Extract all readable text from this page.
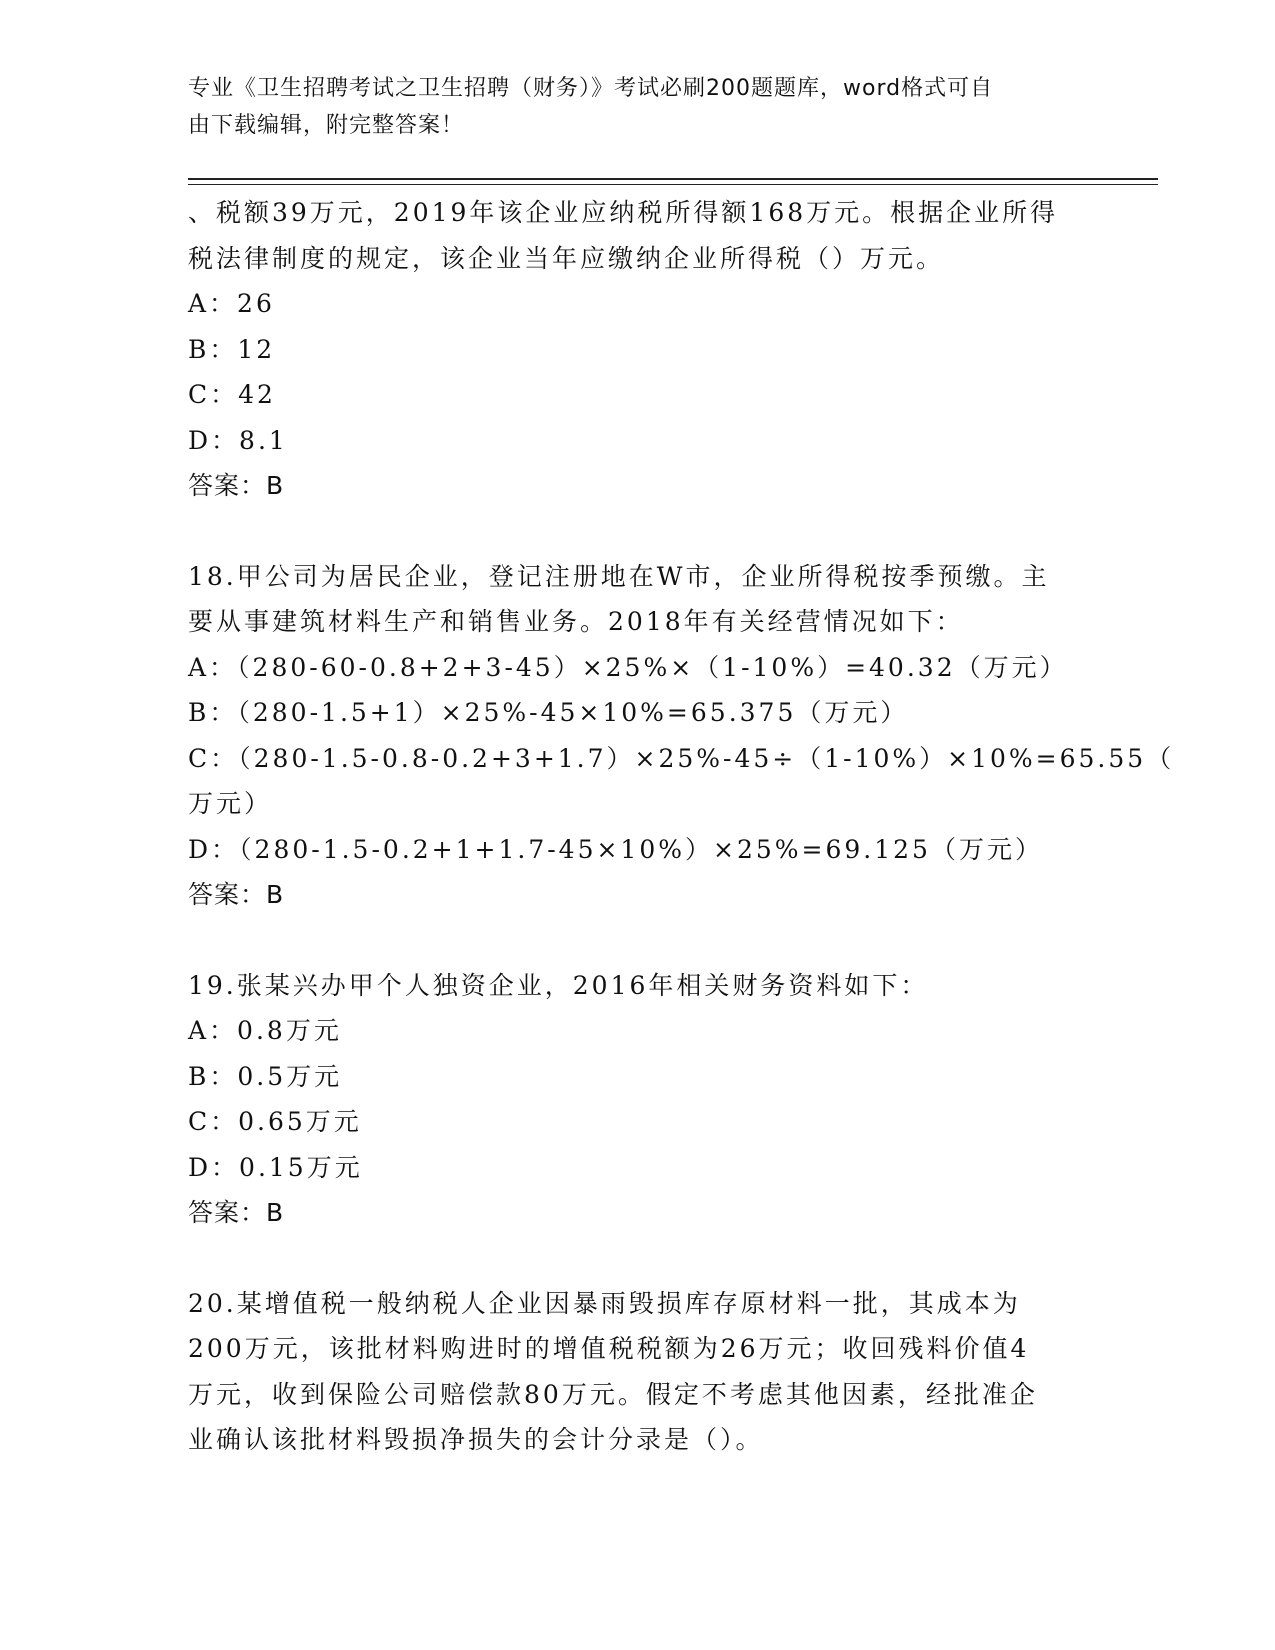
专业《卫生招聘考试之卫生招聘（财务）》考试必刷200题题库，word格式可自
由下载编辑，附完整答案！
、税额39万元，2019年该企业应纳税所得额168万元。根据企业所得
税法律制度的规定，该企业当年应缴纳企业所得税（）万元。
A：26
B：12
C：42
D：8.1
答案：B
18.甲公司为居民企业，登记注册地在W市，企业所得税按季预缴。主
要从事建筑材料生产和销售业务。2018年有关经营情况如下：
A：（280-60-0.8+2+3-45）×25%×（1-10%）=40.32（万元）
B：（280-1.5+1）×25%-45×10%=65.375（万元）
C：（280-1.5-0.8-0.2+3+1.7）×25%-45÷（1-10%）×10%=65.55（
万元）
D：（280-1.5-0.2+1+1.7-45×10%）×25%=69.125（万元）
答案：B
19.张某兴办甲个人独资企业，2016年相关财务资料如下：
A：0.8万元
B：0.5万元
C：0.65万元
D：0.15万元
答案：B
20.某增值税一般纳税人企业因暴雨毁损库存原材料一批，其成本为
200万元，该批材料购进时的增值税税额为26万元；收回残料价值4
万元，收到保险公司赔偿款80万元。假定不考虑其他因素，经批准企
业确认该批材料毁损净损失的会计分录是（）。
